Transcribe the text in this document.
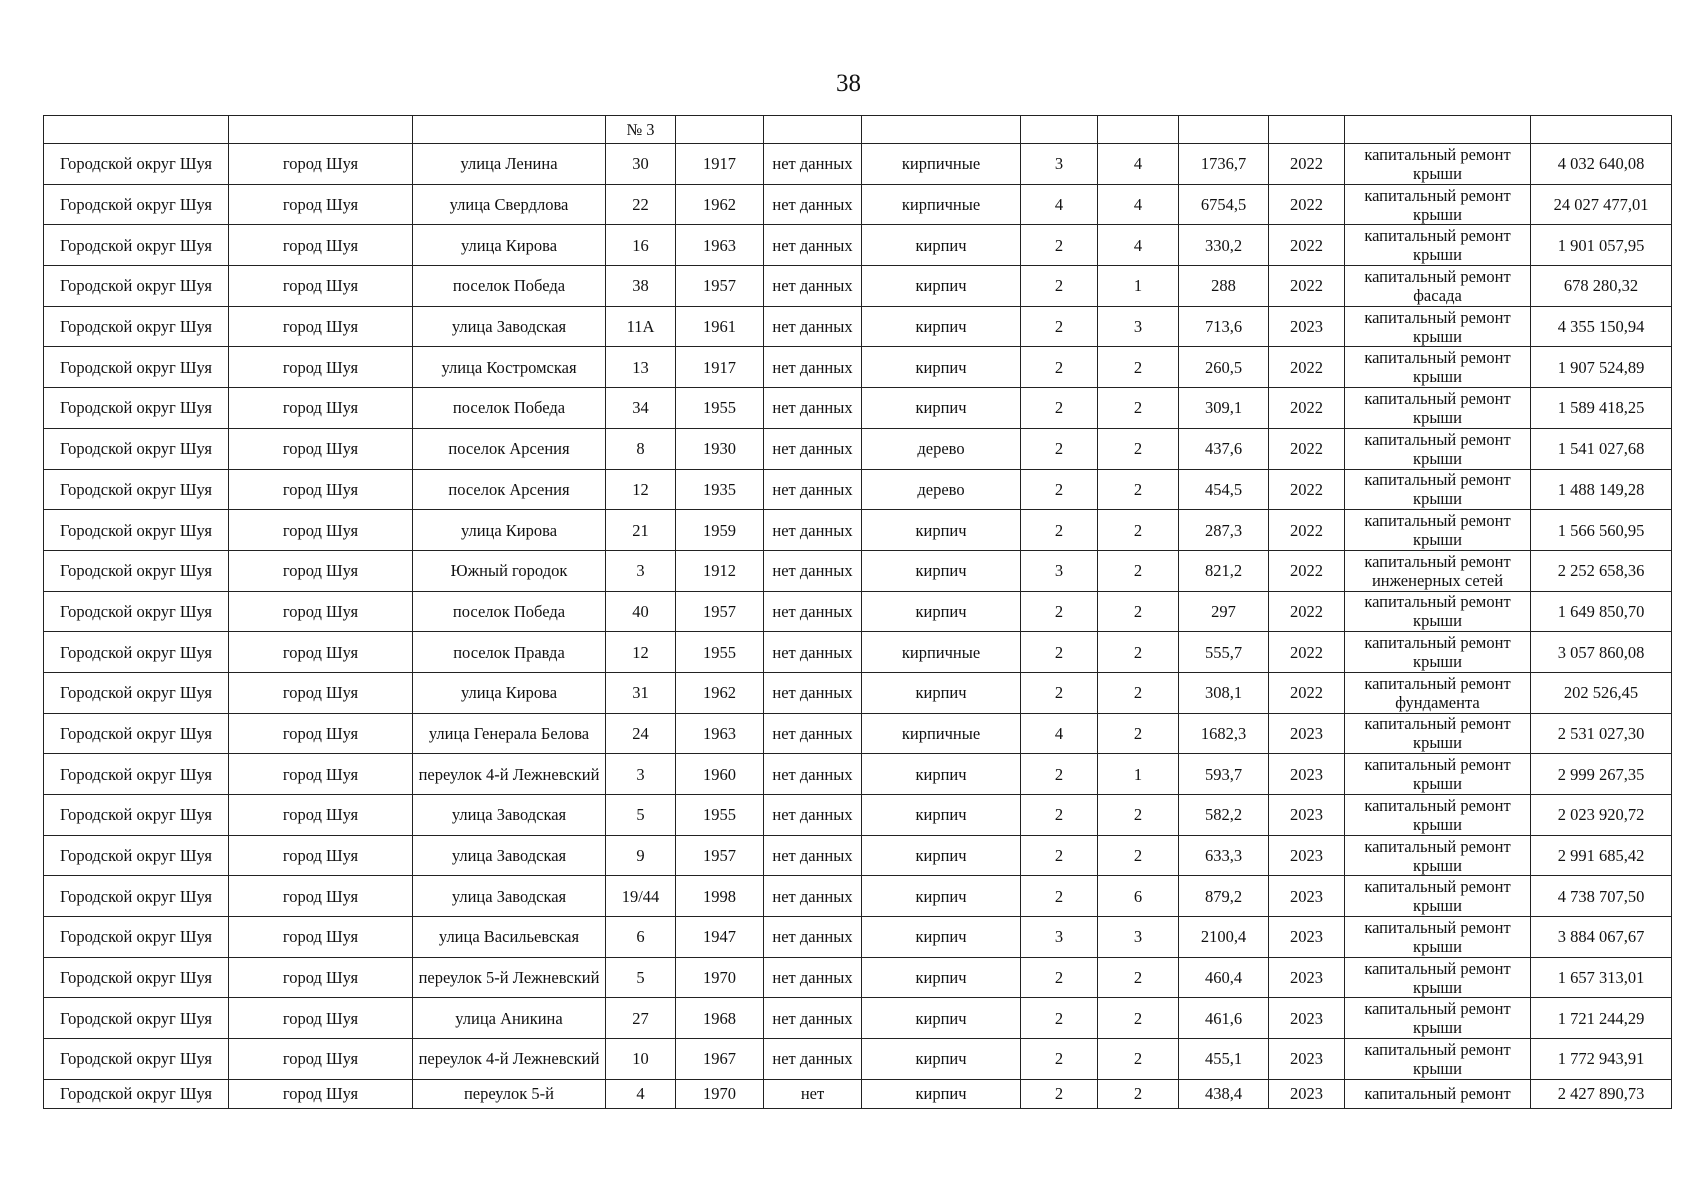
38
			№ 3									
Городской округ Шуя	город Шуя	улица Ленина	30	1917	нет данных	кирпичные	3	4	1736,7	2022	капитальный ремонт крыши	4 032 640,08
Городской округ Шуя	город Шуя	улица Свердлова	22	1962	нет данных	кирпичные	4	4	6754,5	2022	капитальный ремонт крыши	24 027 477,01
Городской округ Шуя	город Шуя	улица Кирова	16	1963	нет данных	кирпич	2	4	330,2	2022	капитальный ремонт крыши	1 901 057,95
Городской округ Шуя	город Шуя	поселок Победа	38	1957	нет данных	кирпич	2	1	288	2022	капитальный ремонт фасада	678 280,32
Городской округ Шуя	город Шуя	улица Заводская	11А	1961	нет данных	кирпич	2	3	713,6	2023	капитальный ремонт крыши	4 355 150,94
Городской округ Шуя	город Шуя	улица Костромская	13	1917	нет данных	кирпич	2	2	260,5	2022	капитальный ремонт крыши	1 907 524,89
Городской округ Шуя	город Шуя	поселок Победа	34	1955	нет данных	кирпич	2	2	309,1	2022	капитальный ремонт крыши	1 589 418,25
Городской округ Шуя	город Шуя	поселок Арсения	8	1930	нет данных	дерево	2	2	437,6	2022	капитальный ремонт крыши	1 541 027,68
Городской округ Шуя	город Шуя	поселок Арсения	12	1935	нет данных	дерево	2	2	454,5	2022	капитальный ремонт крыши	1 488 149,28
Городской округ Шуя	город Шуя	улица Кирова	21	1959	нет данных	кирпич	2	2	287,3	2022	капитальный ремонт крыши	1 566 560,95
Городской округ Шуя	город Шуя	Южный городок	3	1912	нет данных	кирпич	3	2	821,2	2022	капитальный ремонт инженерных сетей	2 252 658,36
Городской округ Шуя	город Шуя	поселок Победа	40	1957	нет данных	кирпич	2	2	297	2022	капитальный ремонт крыши	1 649 850,70
Городской округ Шуя	город Шуя	поселок Правда	12	1955	нет данных	кирпичные	2	2	555,7	2022	капитальный ремонт крыши	3 057 860,08
Городской округ Шуя	город Шуя	улица Кирова	31	1962	нет данных	кирпич	2	2	308,1	2022	капитальный ремонт фундамента	202 526,45
Городской округ Шуя	город Шуя	улица Генерала Белова	24	1963	нет данных	кирпичные	4	2	1682,3	2023	капитальный ремонт крыши	2 531 027,30
Городской округ Шуя	город Шуя	переулок 4-й Лежневский	3	1960	нет данных	кирпич	2	1	593,7	2023	капитальный ремонт крыши	2 999 267,35
Городской округ Шуя	город Шуя	улица Заводская	5	1955	нет данных	кирпич	2	2	582,2	2023	капитальный ремонт крыши	2 023 920,72
Городской округ Шуя	город Шуя	улица Заводская	9	1957	нет данных	кирпич	2	2	633,3	2023	капитальный ремонт крыши	2 991 685,42
Городской округ Шуя	город Шуя	улица Заводская	19/44	1998	нет данных	кирпич	2	6	879,2	2023	капитальный ремонт крыши	4 738 707,50
Городской округ Шуя	город Шуя	улица Васильевская	6	1947	нет данных	кирпич	3	3	2100,4	2023	капитальный ремонт крыши	3 884 067,67
Городской округ Шуя	город Шуя	переулок 5-й Лежневский	5	1970	нет данных	кирпич	2	2	460,4	2023	капитальный ремонт крыши	1 657 313,01
Городской округ Шуя	город Шуя	улица Аникина	27	1968	нет данных	кирпич	2	2	461,6	2023	капитальный ремонт крыши	1 721 244,29
Городской округ Шуя	город Шуя	переулок 4-й Лежневский	10	1967	нет данных	кирпич	2	2	455,1	2023	капитальный ремонт крыши	1 772 943,91
Городской округ Шуя	город Шуя	переулок 5-й	4	1970	нет	кирпич	2	2	438,4	2023	капитальный ремонт	2 427 890,73
